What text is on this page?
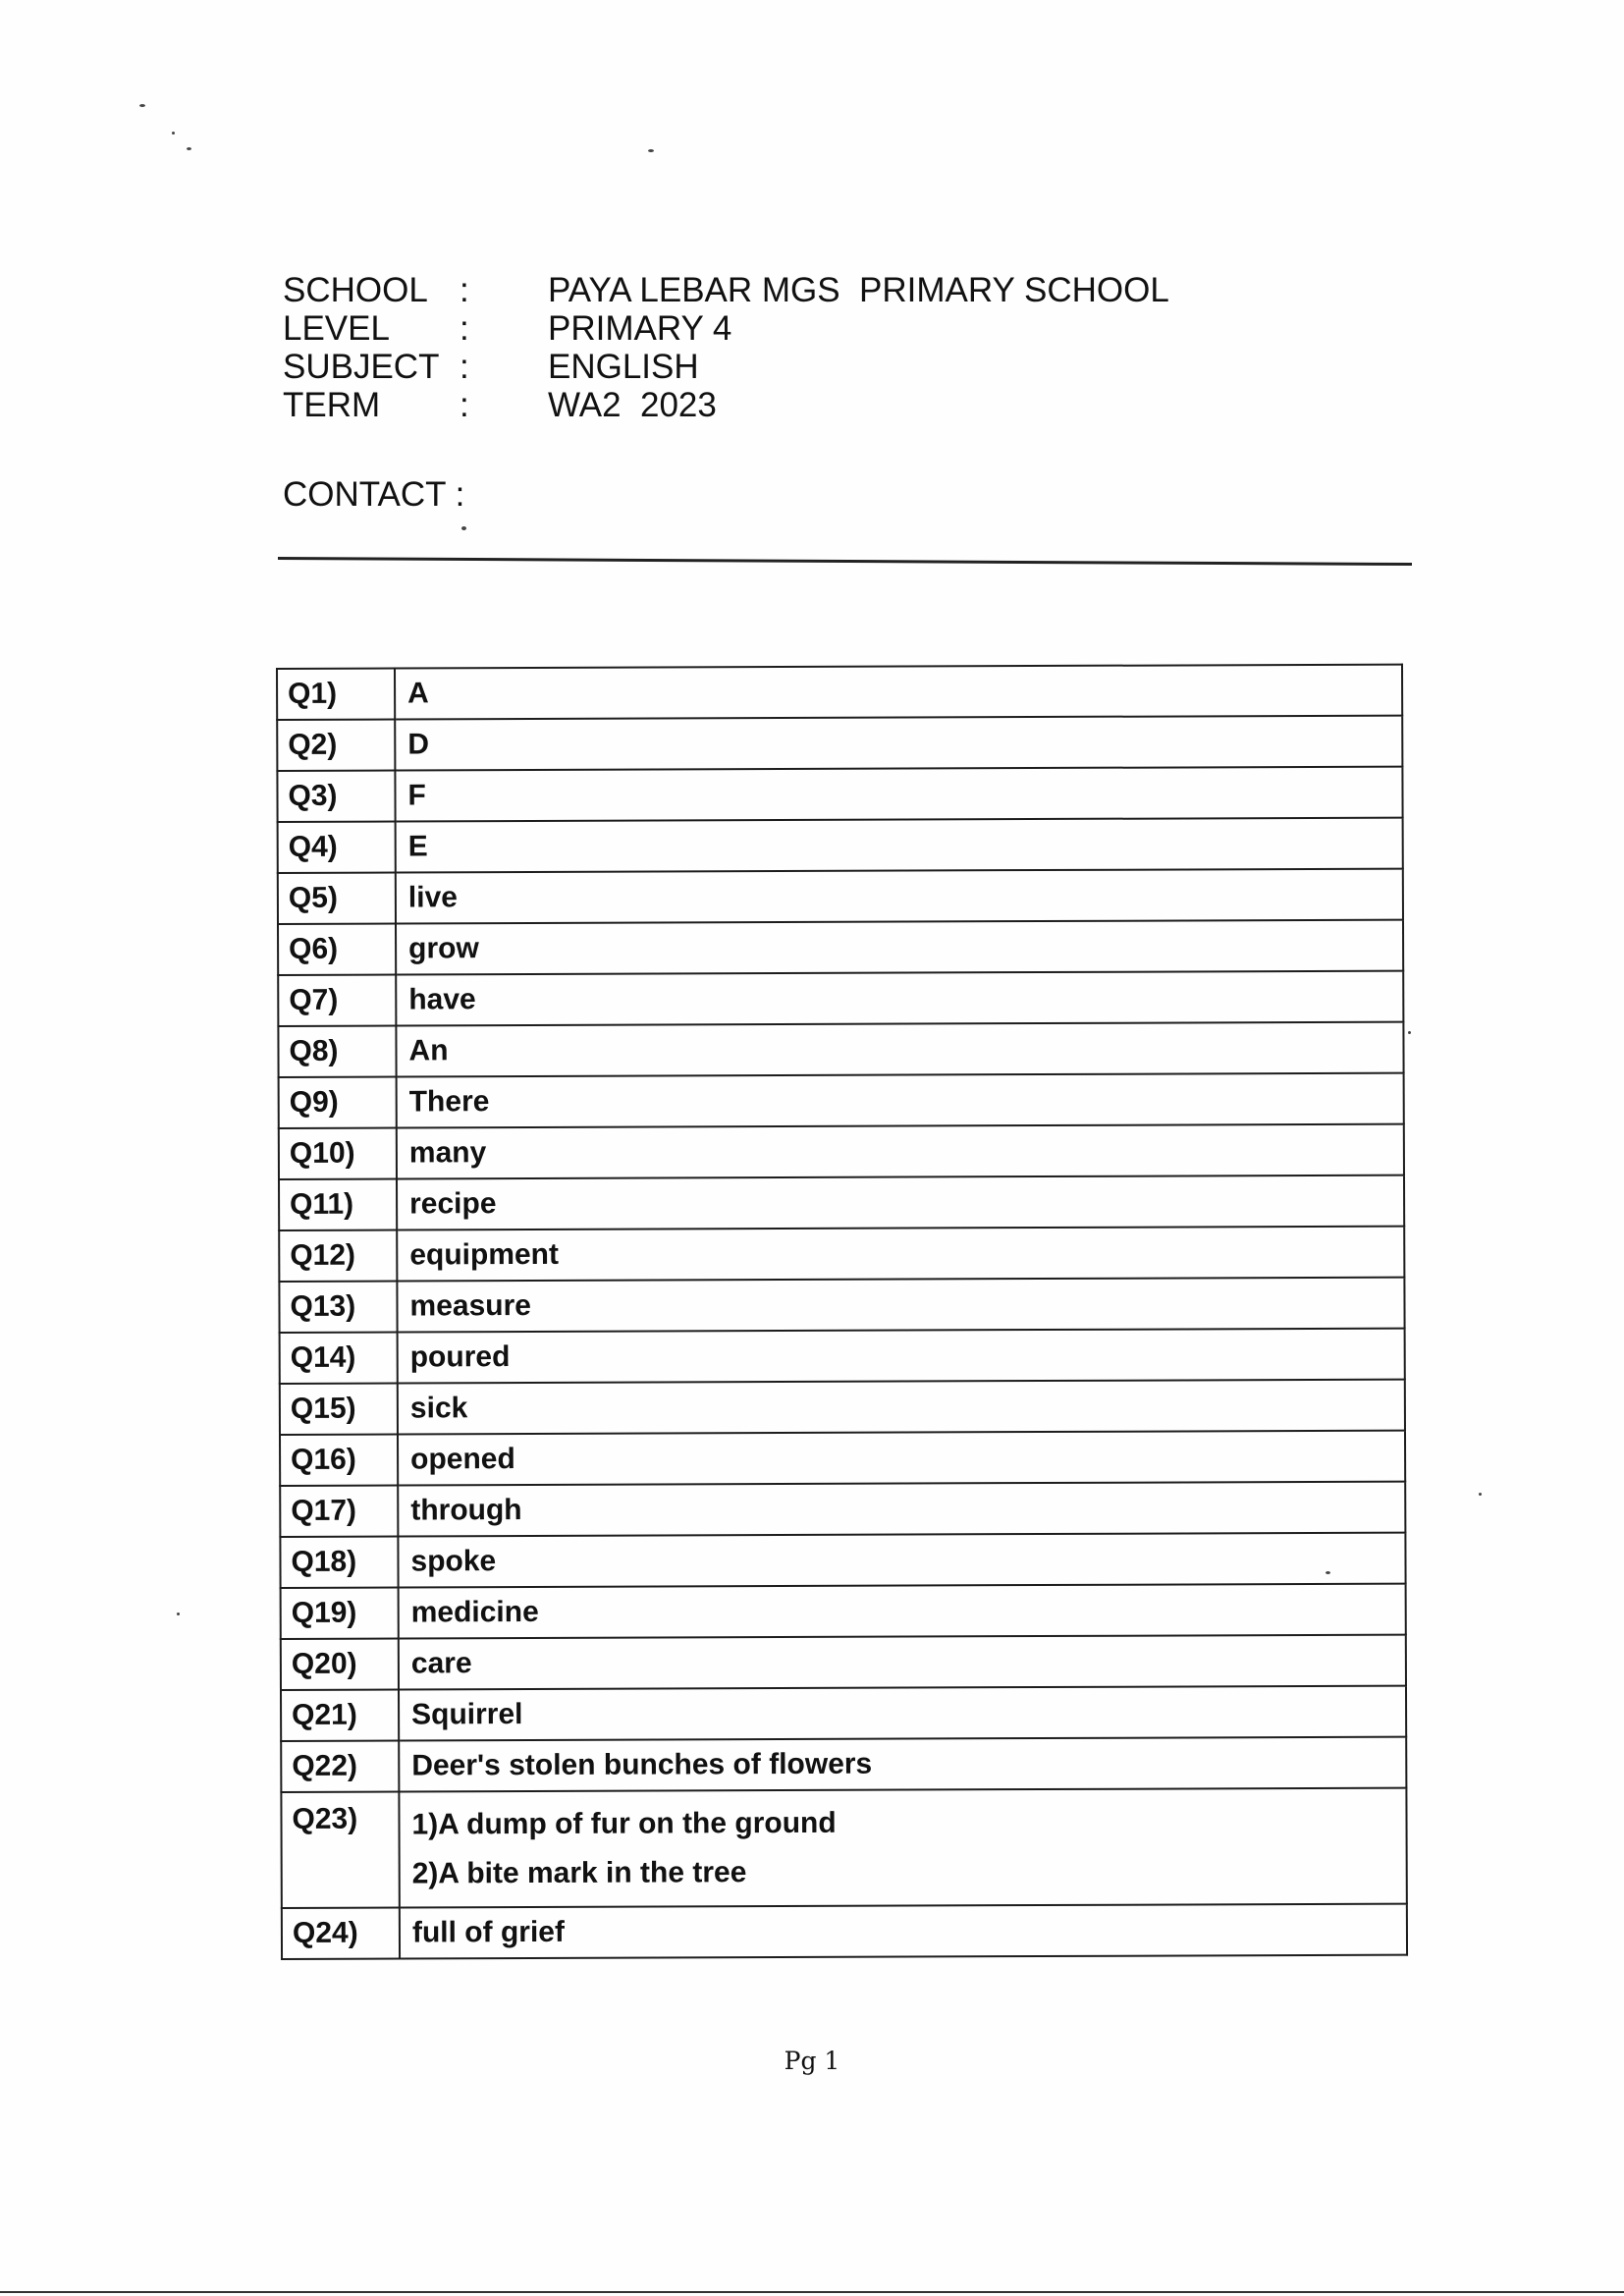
SCHOOL :	PAYA LEBAR MGS  PRIMARY SCHOOL
LEVEL	:	PRIMARY 4
SUBJECT :	ENGLISH
TERM	:	WA2  2023
CONTACT :
Q1)	A
Q2)	D
Q3)	F
Q4)	E
Q5)	live
Q6)	grow
Q7)	have
Q8)	An
Q9)	There
Q10)	many
Q11)	recipe
Q12)	equipment
Q13)	measure
Q14)	poured
Q15)	sick
Q16)	opened
Q17)	through
Q18)	spoke
Q19)	medicine
Q20)	care
Q21)	Squirrel
Q22)	Deer's stolen bunches of flowers
Q23)	1)A dump of fur on the ground
2)A bite mark in the tree

Q24)	full of grief
Pg 1
